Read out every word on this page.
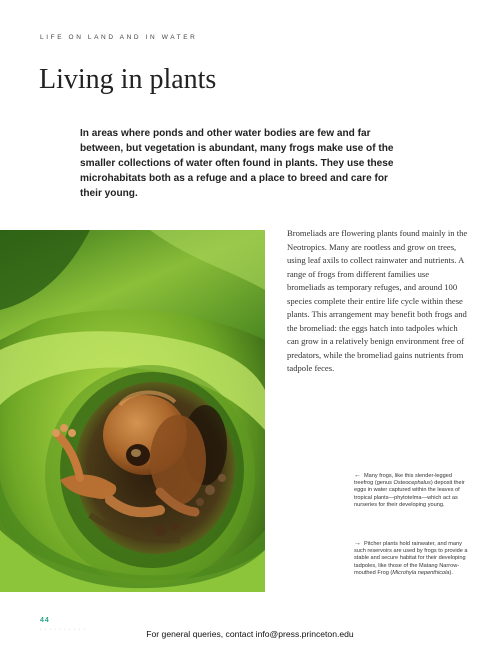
LIFE ON LAND AND IN WATER
Living in plants

In areas where ponds and other water bodies are few and far between, but vegetation is abundant, many frogs make use of the smaller collections of water often found in plants. They use these microhabitats both as a refuge and a place to breed and care for their young.

Bromeliads are flowering plants found mainly in the Neotropics. Many are rootless and grow on trees, using leaf axils to collect rainwater and nutrients. A range of frogs from different families use bromeliads as temporary refuges, and around 100 species complete their entire life cycle within these plants. This arrangement may benefit both frogs and the bromeliad: the eggs hatch into tadpoles which can grow in a relatively benign environment free of predators, while the bromeliad gains nutrients from tadpole feces.

← Many frogs, like this slender-legged treefrog (genus Osteocephalus) deposit their eggs in water captured within the leaves of tropical plants—phytotelma—which act as nurseries for their developing young.

→ Pitcher plants hold rainwater, and many such reservoirs are used by frogs to provide a stable and secure habitat for their developing tadpoles, like those of the Matang Narrow-mouthed Frog (Microhyla nepenthicola).

44
• • • • • • • • • •	For general queries, contact info@press.princeton.edu
